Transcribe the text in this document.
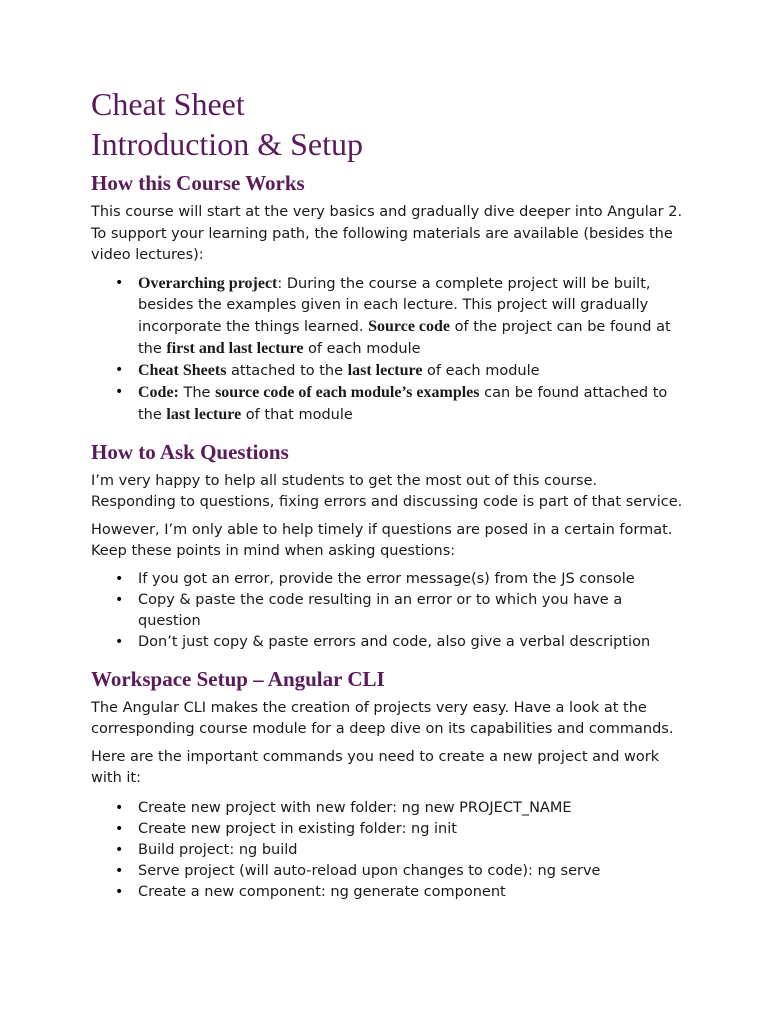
Cheat Sheet
Introduction & Setup
How this Course Works

This course will start at the very basics and gradually dive deeper into Angular 2. To support your learning path, the following materials are available (besides the video lectures):

• Overarching project: During the course a complete project will be built, besides the examples given in each lecture. This project will gradually incorporate the things learned. Source code of the project can be found at the first and last lecture of each module
• Cheat Sheets attached to the last lecture of each module
• Code: The source code of each module’s examples can be found attached to the last lecture of that module
How to Ask Questions

I’m very happy to help all students to get the most out of this course. Responding to questions, fixing errors and discussing code is part of that service.

However, I’m only able to help timely if questions are posed in a certain format. Keep these points in mind when asking questions:

• If you got an error, provide the error message(s) from the JS console
• Copy & paste the code resulting in an error or to which you have a question
• Don’t just copy & paste errors and code, also give a verbal description
Workspace Setup – Angular CLI

The Angular CLI makes the creation of projects very easy. Have a look at the corresponding course module for a deep dive on its capabilities and commands.

Here are the important commands you need to create a new project and work with it:

• Create new project with new folder: ng new PROJECT_NAME
• Create new project in existing folder: ng init
• Build project: ng build
• Serve project (will auto-reload upon changes to code): ng serve
• Create a new component: ng generate component
